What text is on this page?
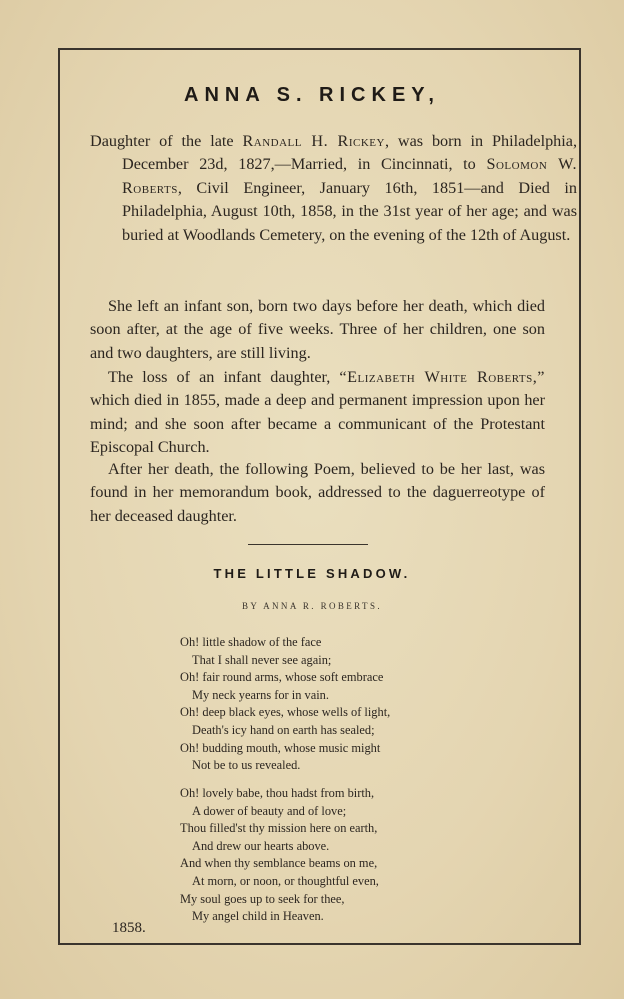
ANNA S. RICKEY,
Daughter of the late Randall H. Rickey, was born in Philadelphia, December 23d, 1827,—Married, in Cincinnati, to Solomon W. Roberts, Civil Engineer, January 16th, 1851—and Died in Philadelphia, August 10th, 1858, in the 31st year of her age; and was buried at Woodlands Cemetery, on the evening of the 12th of August.
She left an infant son, born two days before her death, which died soon after, at the age of five weeks. Three of her children, one son and two daughters, are still living.
The loss of an infant daughter, “Elizabeth White Roberts,” which died in 1855, made a deep and permanent impression upon her mind; and she soon after became a communicant of the Protestant Episcopal Church.
After her death, the following Poem, believed to be her last, was found in her memorandum book, addressed to the daguerreotype of her deceased daughter.
THE LITTLE SHADOW.
BY ANNA R. ROBERTS.
Oh! little shadow of the face
That I shall never see again;
Oh! fair round arms, whose soft embrace
My neck yearns for in vain.
Oh! deep black eyes, whose wells of light,
Death's icy hand on earth has sealed;
Oh! budding mouth, whose music might
Not be to us revealed.
Oh! lovely babe, thou hadst from birth,
A dower of beauty and of love;
Thou filled'st thy mission here on earth,
And drew our hearts above.
And when thy semblance beams on me,
At morn, or noon, or thoughtful even,
My soul goes up to seek for thee,
My angel child in Heaven.
1858.
